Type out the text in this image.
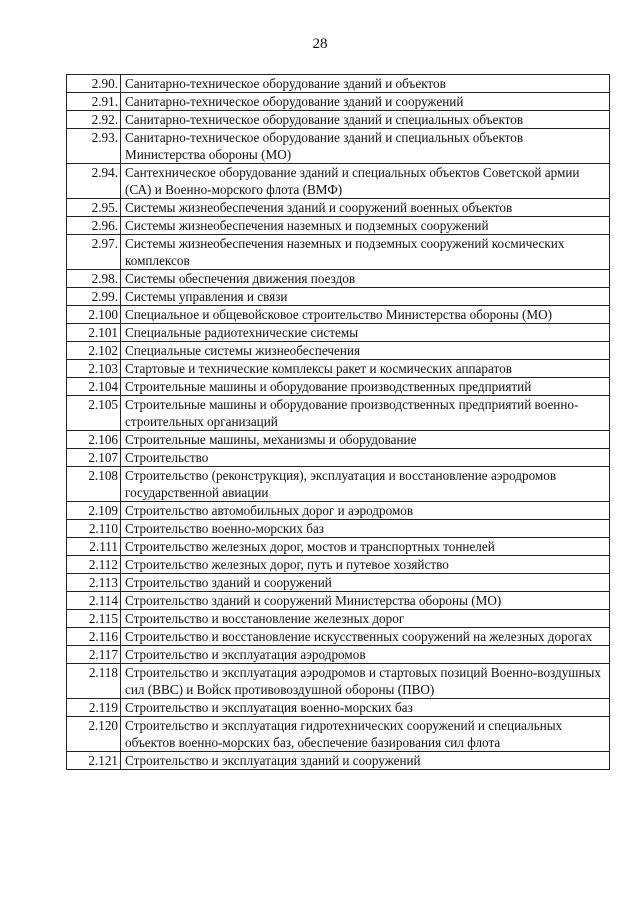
28
2.90.	Санитарно-техническое оборудование зданий и объектов
2.91.	Санитарно-техническое оборудование зданий и сооружений
2.92.	Санитарно-техническое оборудование зданий и специальных объектов
2.93.	Санитарно-техническое оборудование зданий и специальных объектов Министерства обороны (МО)
2.94.	Сантехническое оборудование зданий и специальных объектов Советской армии (СА) и Военно-морского флота (ВМФ)
2.95.	Системы жизнеобеспечения зданий и сооружений военных объектов
2.96.	Системы жизнеобеспечения наземных и подземных сооружений
2.97.	Системы жизнеобеспечения наземных и подземных сооружений космических комплексов
2.98.	Системы обеспечения движения поездов
2.99.	Системы управления и связи
2.100	Специальное и общевойсковое строительство Министерства обороны (МО)
2.101	Специальные радиотехнические системы
2.102	Специальные системы жизнеобеспечения
2.103	Стартовые и технические комплексы ракет и космических аппаратов
2.104	Строительные машины и оборудование производственных предприятий
2.105	Строительные машины и оборудование производственных предприятий военно-строительных организаций
2.106	Строительные машины, механизмы и оборудование
2.107	Строительство
2.108	Строительство (реконструкция), эксплуатация и восстановление аэродромов государственной авиации
2.109	Строительство автомобильных дорог и аэродромов
2.110	Строительство военно-морских баз
2.111	Строительство железных дорог, мостов и транспортных тоннелей
2.112	Строительство железных дорог, путь и путевое хозяйство
2.113	Строительство зданий и сооружений
2.114	Строительство зданий и сооружений Министерства обороны (МО)
2.115	Строительство и восстановление железных дорог
2.116	Строительство и восстановление искусственных сооружений на железных дорогах
2.117	Строительство и эксплуатация аэродромов
2.118	Строительство и эксплуатация аэродромов и стартовых позиций Военно-воздушных сил (ВВС) и Войск противовоздушной обороны (ПВО)
2.119	Строительство и эксплуатация военно-морских баз
2.120	Строительство и эксплуатация гидротехнических сооружений и специальных объектов военно-морских баз, обеспечение базирования сил флота
2.121	Строительство и эксплуатация зданий и сооружений
